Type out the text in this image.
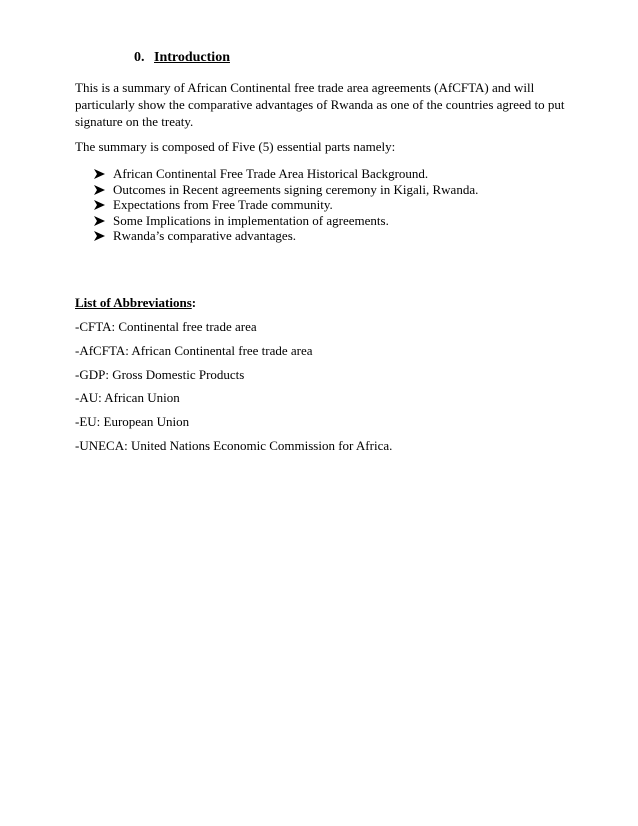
0. Introduction

This is a summary of African Continental free trade area agreements (AfCFTA) and will particularly show the comparative advantages of Rwanda as one of the countries agreed to put signature on the treaty.

The summary is composed of Five (5) essential parts namely:

African Continental Free Trade Area Historical Background.
Outcomes in Recent agreements signing ceremony in Kigali, Rwanda.
Expectations from Free Trade community.
Some Implications in implementation of agreements.
Rwanda’s comparative advantages.
List of Abbreviations:
-CFTA: Continental free trade area
-AfCFTA: African Continental free trade area
-GDP: Gross Domestic Products
-AU: African Union
-EU: European Union
-UNECA: United Nations Economic Commission for Africa.
